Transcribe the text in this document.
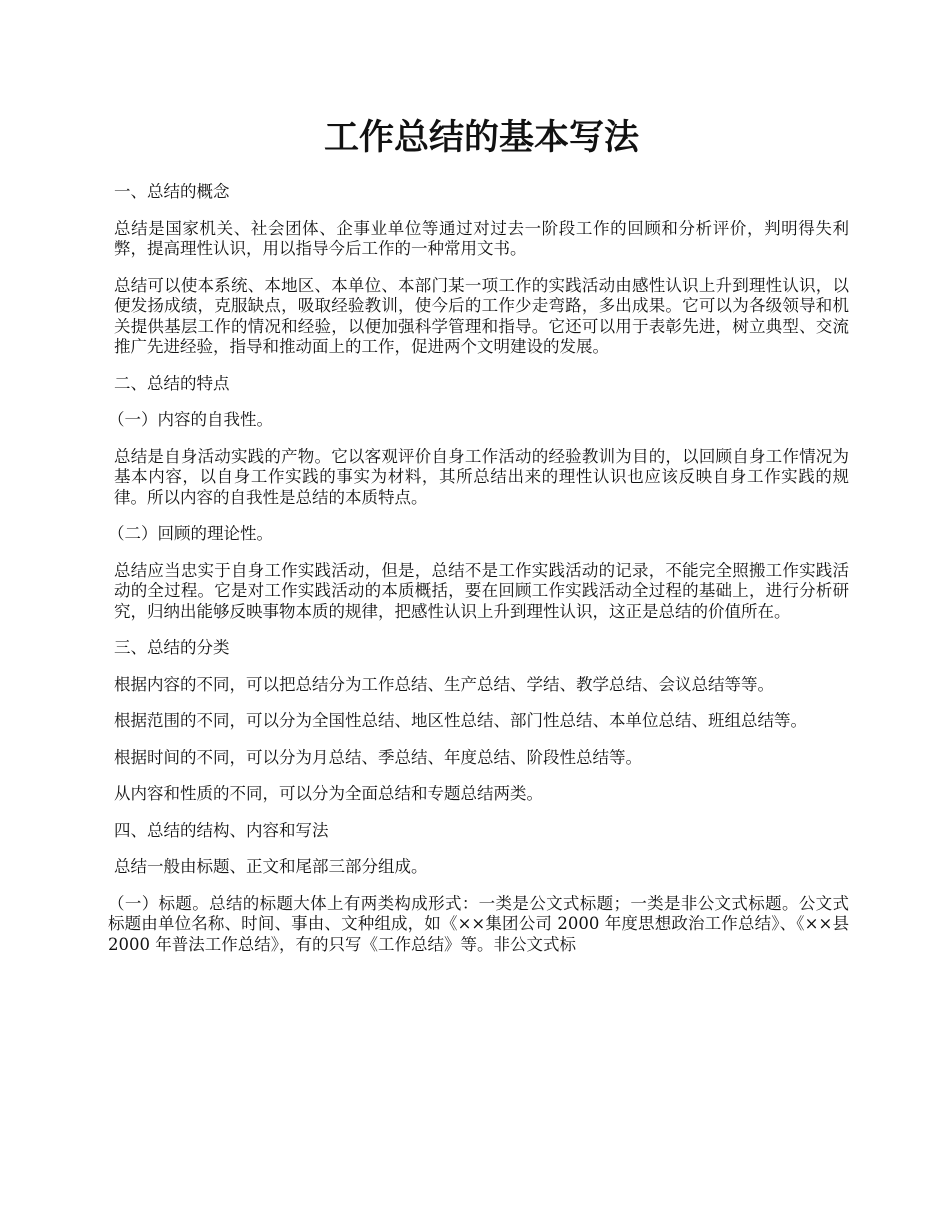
工作总结的基本写法

一、总结的概念

总结是国家机关、社会团体、企事业单位等通过对过去一阶段工作的回顾和分析评价，判明得失利弊，提高理性认识，用以指导今后工作的一种常用文书。

总结可以使本系统、本地区、本单位、本部门某一项工作的实践活动由感性认识上升到理性认识，以便发扬成绩，克服缺点，吸取经验教训，使今后的工作少走弯路，多出成果。它可以为各级领导和机关提供基层工作的情况和经验，以便加强科学管理和指导。它还可以用于表彰先进，树立典型、交流推广先进经验，指导和推动面上的工作，促进两个文明建设的发展。

二、总结的特点

（一）内容的自我性。

总结是自身活动实践的产物。它以客观评价自身工作活动的经验教训为目的，以回顾自身工作情况为基本内容，以自身工作实践的事实为材料，其所总结出来的理性认识也应该反映自身工作实践的规律。所以内容的自我性是总结的本质特点。

（二）回顾的理论性。

总结应当忠实于自身工作实践活动，但是，总结不是工作实践活动的记录，不能完全照搬工作实践活动的全过程。它是对工作实践活动的本质概括，要在回顾工作实践活动全过程的基础上，进行分析研究，归纳出能够反映事物本质的规律，把感性认识上升到理性认识，这正是总结的价值所在。

三、总结的分类

根据内容的不同，可以把总结分为工作总结、生产总结、学结、教学总结、会议总结等等。

根据范围的不同，可以分为全国性总结、地区性总结、部门性总结、本单位总结、班组总结等。

根据时间的不同，可以分为月总结、季总结、年度总结、阶段性总结等。

从内容和性质的不同，可以分为全面总结和专题总结两类。

四、总结的结构、内容和写法

总结一般由标题、正文和尾部三部分组成。

（一）标题。总结的标题大体上有两类构成形式：一类是公文式标题；一类是非公文式标题。公文式标题由单位名称、时间、事由、文种组成，如《××集团公司 2000 年度思想政治工作总结》、《××县 2000 年普法工作总结》，有的只写《工作总结》等。非公文式标
